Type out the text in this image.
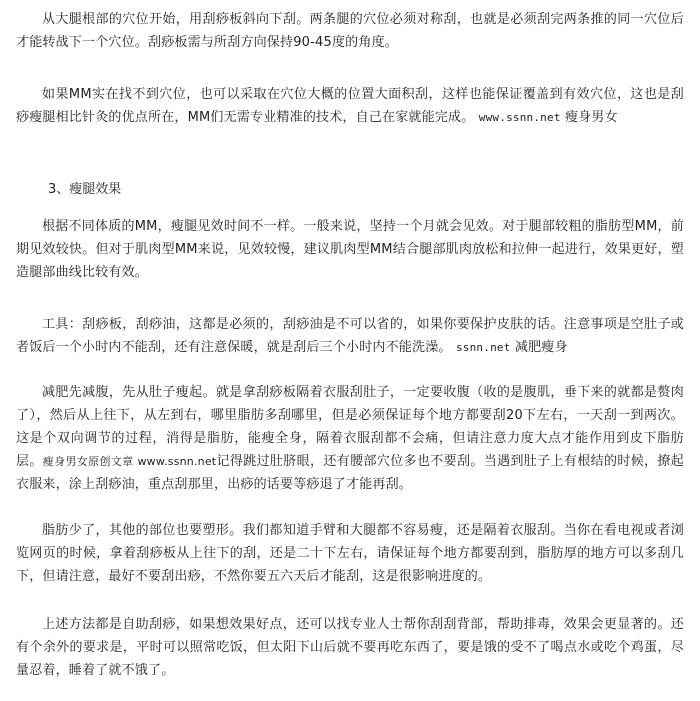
从大腿根部的穴位开始，用刮痧板斜向下刮。两条腿的穴位必须对称刮，也就是必须刮完两条推的同一穴位后才能转战下一个穴位。刮痧板需与所刮方向保持90-45度的角度。

如果MM实在找不到穴位，也可以采取在穴位大概的位置大面积刮，这样也能保证覆盖到有效穴位，这也是刮痧瘦腿相比针灸的优点所在，MM们无需专业精准的技术，自己在家就能完成。 www.ssnn.net 瘦身男女

3、瘦腿效果

根据不同体质的MM，瘦腿见效时间不一样。一般来说，坚持一个月就会见效。对于腿部较粗的脂肪型MM，前期见效较快。但对于肌肉型MM来说，见效较慢，建议肌肉型MM结合腿部肌肉放松和拉伸一起进行，效果更好，塑造腿部曲线比较有效。

工具：刮痧板，刮痧油，这都是必须的，刮痧油是不可以省的，如果你要保护皮肤的话。注意事项是空肚子或者饭后一个小时内不能刮，还有注意保暖，就是刮后三个小时内不能洗澡。 ssnn.net 减肥瘦身

减肥先减腹，先从肚子瘦起。就是拿刮痧板隔着衣服刮肚子，一定要收腹（收的是腹肌，垂下来的就都是赘肉了），然后从上往下，从左到右，哪里脂肪多刮哪里，但是必须保证每个地方都要刮20下左右，一天刮一到两次。这是个双向调节的过程，消得是脂肪，能瘦全身，隔着衣服刮都不会痛，但请注意力度大点才能作用到皮下脂肪层。瘦身男女原创文章 www.ssnn.net记得跳过肚脐眼，还有腰部穴位多也不要刮。当遇到肚子上有根结的时候，撩起衣服来，涂上刮痧油，重点刮那里，出痧的话要等痧退了才能再刮。

脂肪少了，其他的部位也要塑形。我们都知道手臂和大腿都不容易瘦，还是隔着衣服刮。当你在看电视或者浏览网页的时候，拿着刮痧板从上往下的刮，还是二十下左右，请保证每个地方都要刮到，脂肪厚的地方可以多刮几下，但请注意，最好不要刮出痧，不然你要五六天后才能刮，这是很影响进度的。

上述方法都是自助刮痧，如果想效果好点，还可以找专业人士帮你刮刮背部，帮助排毒，效果会更显著的。还有个余外的要求是，平时可以照常吃饭，但太阳下山后就不要再吃东西了，要是饿的受不了喝点水或吃个鸡蛋，尽量忍着，睡着了就不饿了。
